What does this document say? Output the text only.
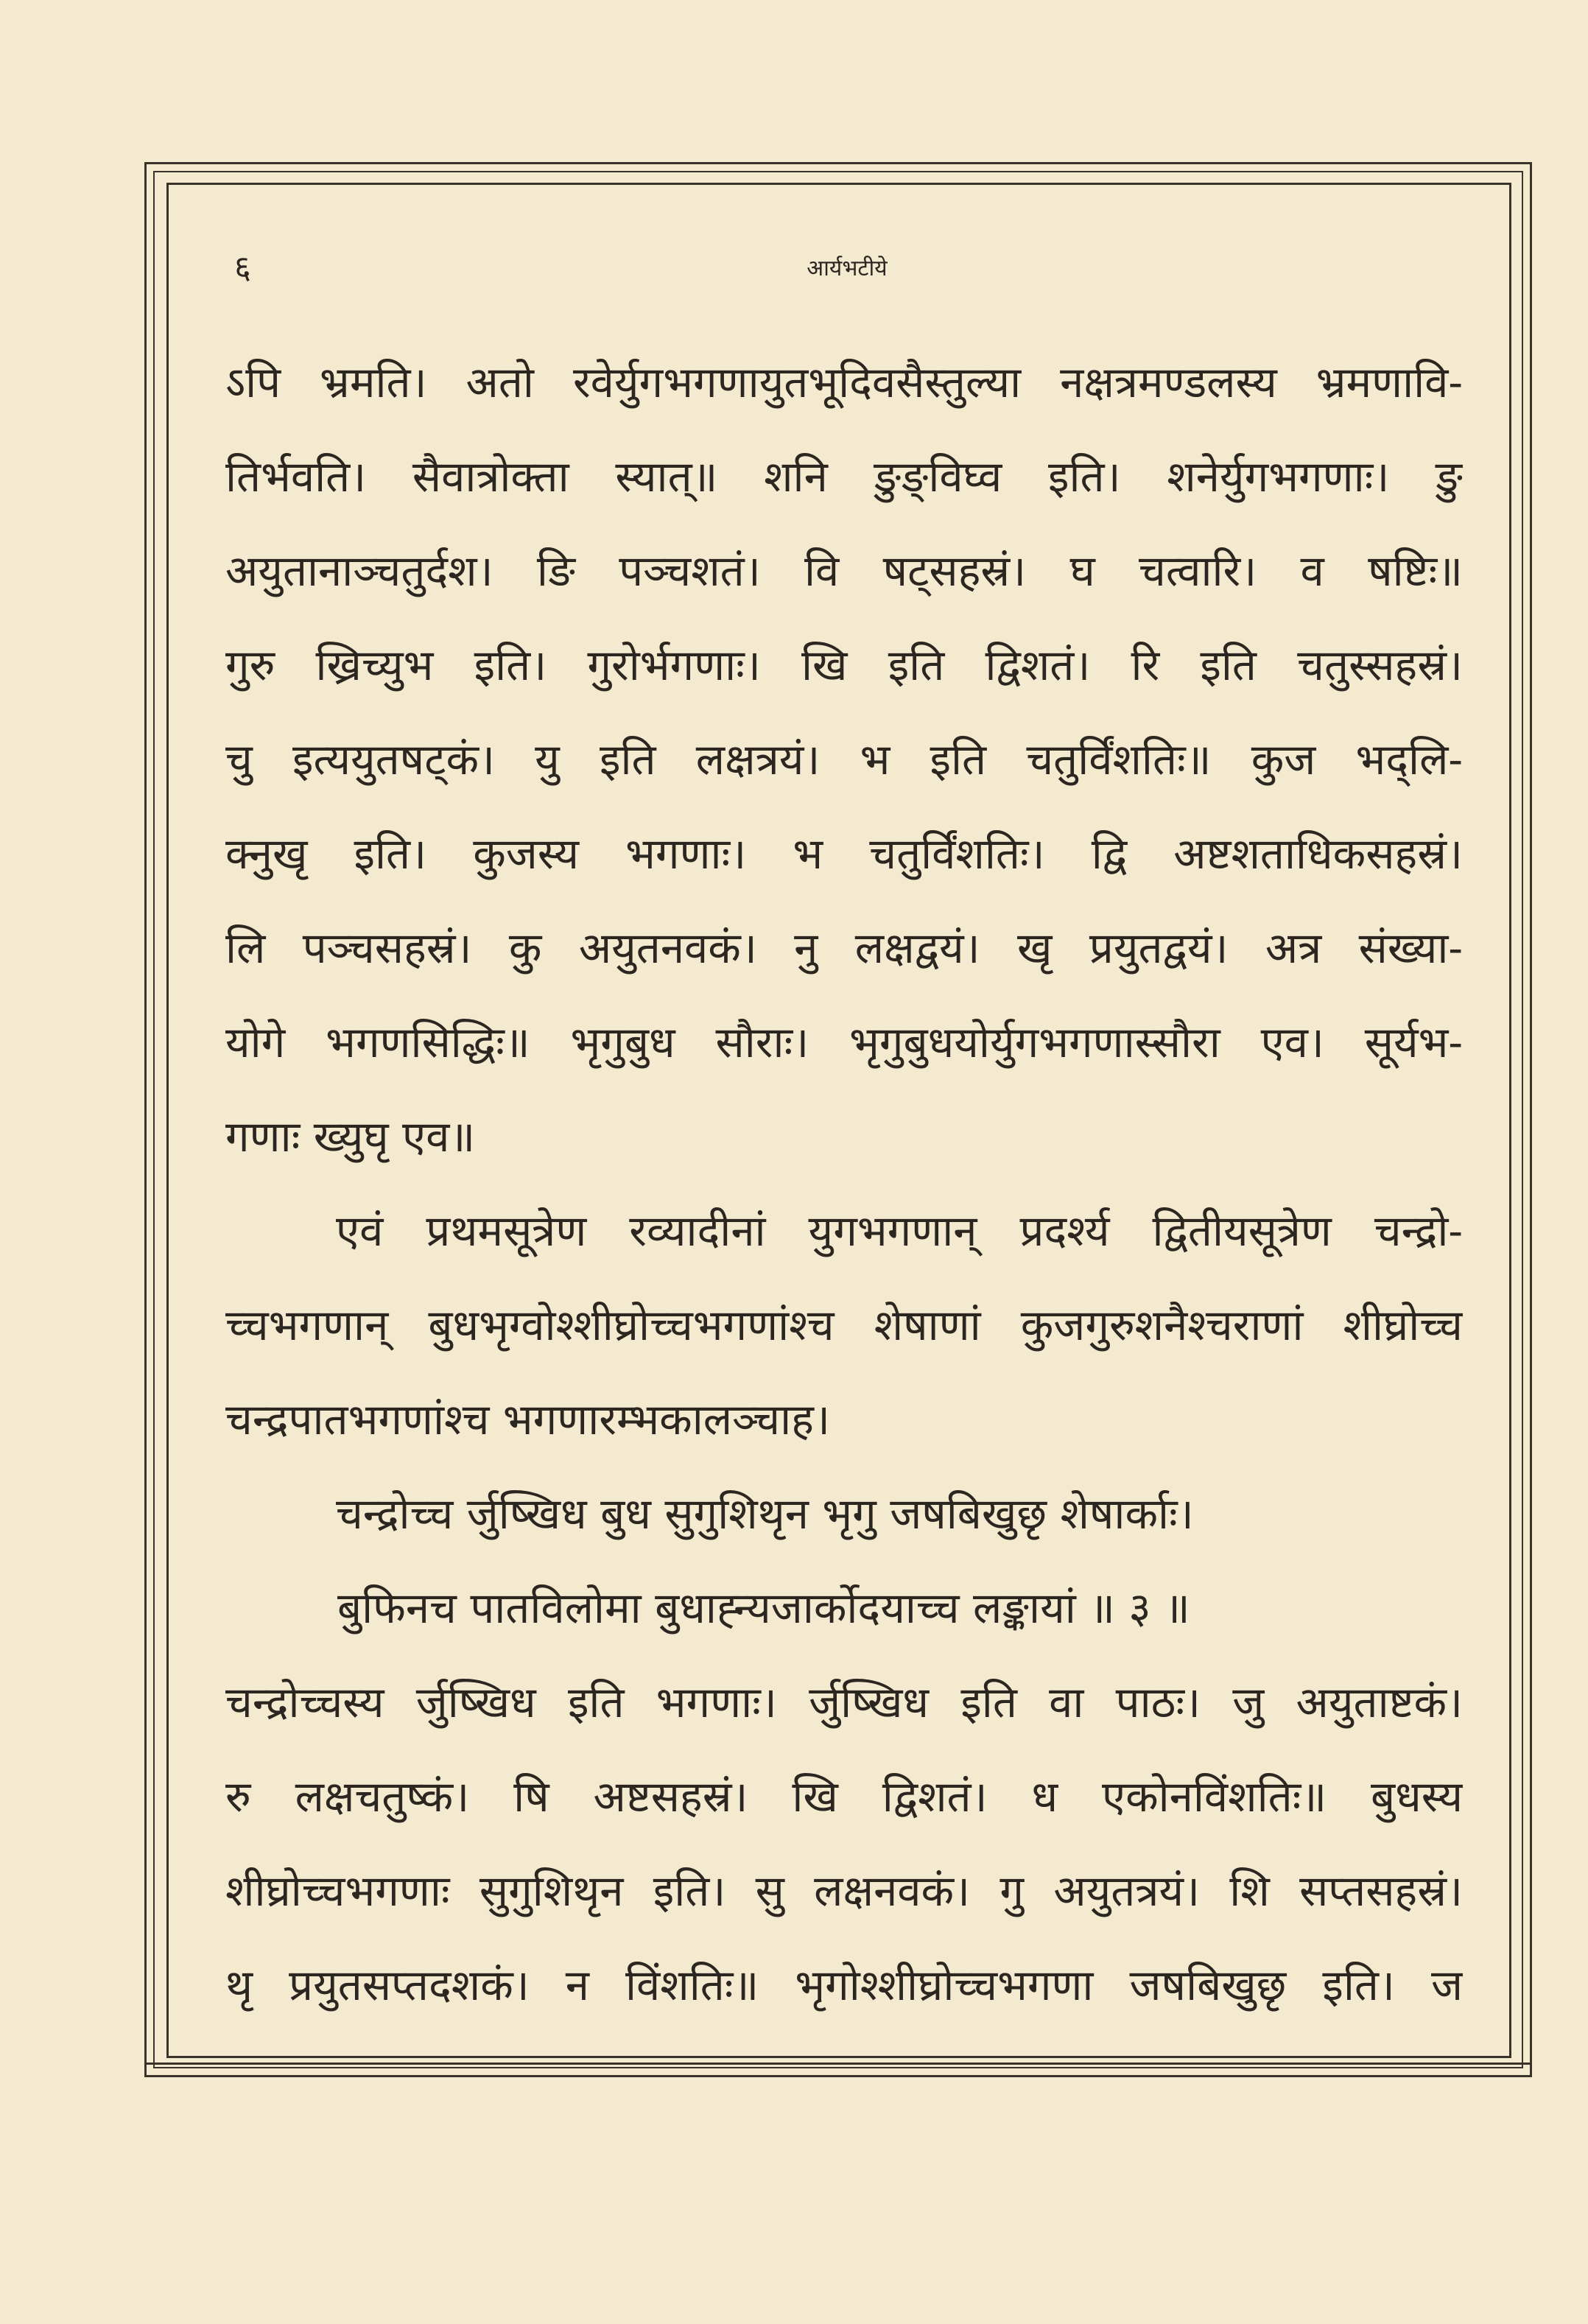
६	आर्यभटीये
ऽपि भ्रमति। अतो रवेर्युगभगणायुतभूदिवसैस्तुल्या नक्षत्रमण्डलस्य भ्रमणावि-
तिर्भवति। सैवात्रोक्ता स्यात्॥ शनि ङुङ्विघ्व इति। शनेर्युगभगणाः। ङु
अयुतानाञ्चतुर्दश। ङि पञ्चशतं। वि षट्सहस्रं। घ चत्वारि। व षष्टिः॥
गुरु ख्रिच्युभ इति। गुरोर्भगणाः। खि इति द्विशतं। रि इति चतुस्सहस्रं।
चु इत्ययुतषट्कं। यु इति लक्षत्रयं। भ इति चतुर्विंशतिः॥ कुज भद्लि-
क्नुखृ इति। कुजस्य भगणाः। भ चतुर्विंशतिः। द्वि अष्टशताधिकसहस्रं।
लि पञ्चसहस्रं। कु अयुतनवकं। नु लक्षद्वयं। खृ प्रयुतद्वयं। अत्र संख्या-
योगे भगणसिद्धिः॥ भृगुबुध सौराः। भृगुबुधयोर्युगभगणास्सौरा एव। सूर्यभ-
गणाः ख्युघृ एव॥
एवं प्रथमसूत्रेण रव्यादीनां युगभगणान् प्रदर्श्य द्वितीयसूत्रेण चन्द्रो-
च्चभगणान् बुधभृग्वोश्शीघ्रोच्चभगणांश्च शेषाणां कुजगुरुशनैश्चराणां शीघ्रोच्च
चन्द्रपातभगणांश्च भगणारम्भकालञ्चाह।
चन्द्रोच्च र्जुष्खिध बुध सुगुशिथृन भृगु जषबिखुछृ शेषार्काः।
बुफिनच पातविलोमा बुधाह्न्यजार्कोदयाच्च लङ्कायां ॥ ३ ॥
चन्द्रोच्चस्य र्जुष्खिध इति भगणाः। र्जुष्खिध इति वा पाठः। जु अयुताष्टकं।
रु लक्षचतुष्कं। षि अष्टसहस्रं। खि द्विशतं। ध एकोनविंशतिः॥ बुधस्य
शीघ्रोच्चभगणाः सुगुशिथृन इति। सु लक्षनवकं। गु अयुतत्रयं। शि सप्तसहस्रं।
थृ प्रयुतसप्तदशकं। न विंशतिः॥ भृगोश्शीघ्रोच्चभगणा जषबिखुछृ इति। ज
